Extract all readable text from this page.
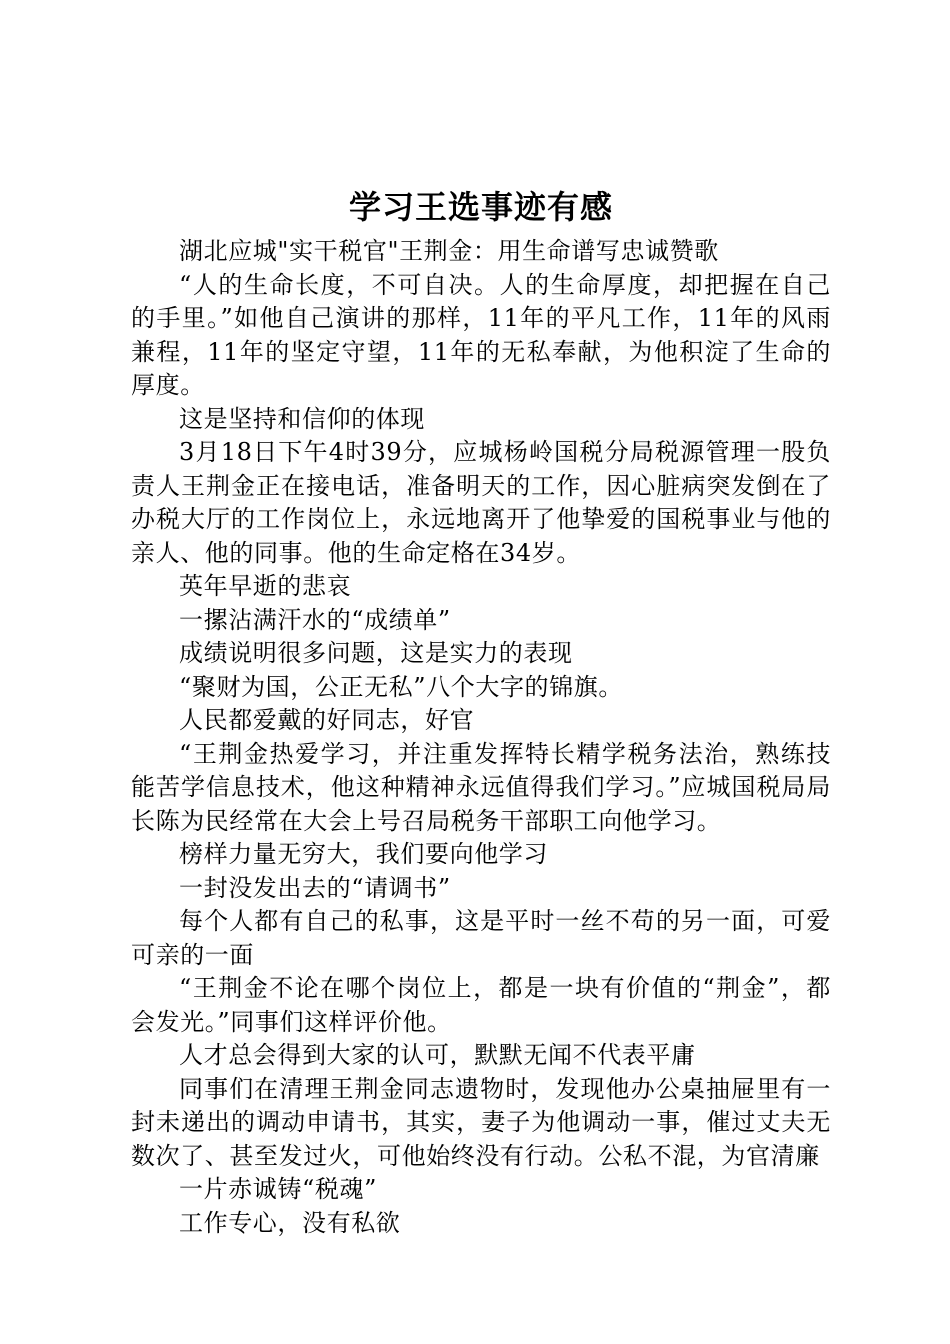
学习王选事迹有感

湖北应城"实干税官"王荆金：用生命谱写忠诚赞歌

“人的生命长度，不可自决。人的生命厚度，却把握在自己的手里。”如他自己演讲的那样，11年的平凡工作，11年的风雨兼程，11年的坚定守望，11年的无私奉献，为他积淀了生命的厚度。

这是坚持和信仰的体现

3月18日下午4时39分，应城杨岭国税分局税源管理一股负责人王荆金正在接电话，准备明天的工作，因心脏病突发倒在了办税大厅的工作岗位上，永远地离开了他挚爱的国税事业与他的亲人、他的同事。他的生命定格在34岁。

英年早逝的悲哀

一摞沾满汗水的“成绩单”

成绩说明很多问题，这是实力的表现

“聚财为国，公正无私”八个大字的锦旗。

人民都爱戴的好同志，好官

“王荆金热爱学习，并注重发挥特长精学税务法治，熟练技能苦学信息技术，他这种精神永远值得我们学习。”应城国税局局长陈为民经常在大会上号召局税务干部职工向他学习。

榜样力量无穷大，我们要向他学习

一封没发出去的“请调书”

每个人都有自己的私事，这是平时一丝不苟的另一面，可爱可亲的一面

“王荆金不论在哪个岗位上，都是一块有价值的“荆金”，都会发光。”同事们这样评价他。

人才总会得到大家的认可，默默无闻不代表平庸

同事们在清理王荆金同志遗物时，发现他办公桌抽屉里有一封未递出的调动申请书，其实，妻子为他调动一事，催过丈夫无数次了、甚至发过火，可他始终没有行动。公私不混，为官清廉

一片赤诚铸“税魂”

工作专心，没有私欲
